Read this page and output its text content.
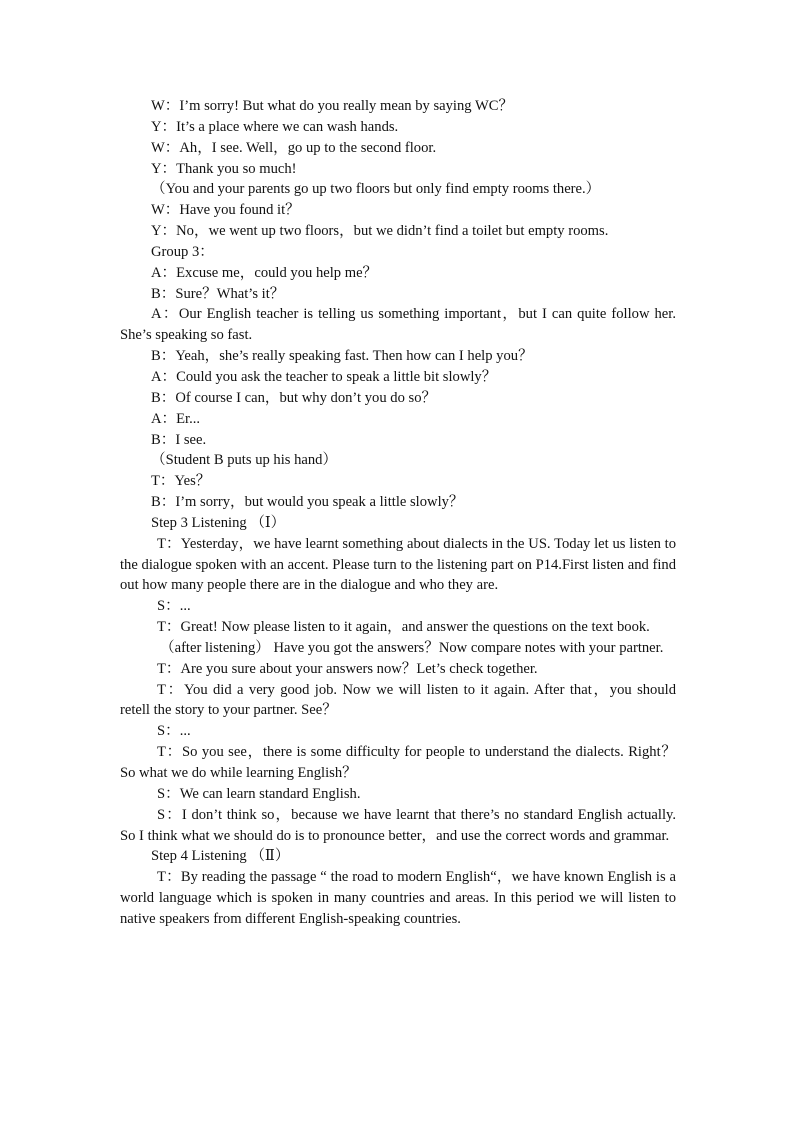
W：I’m sorry! But what do you really mean by saying WC？

Y：It’s a place where we can wash hands.

W：Ah，I see. Well，go up to the second floor.

Y：Thank you so much!

（You and your parents go up two floors but only find empty rooms there.）

W：Have you found it？

Y：No，we went up two floors，but we didn’t find a toilet but empty rooms.

Group 3：

A：Excuse me，could you help me？

B：Sure？What’s it？

A：Our English teacher is telling us something important，but I can quite follow her. She’s speaking so fast.

B：Yeah，she’s really speaking fast. Then how can I help you？

A：Could you ask the teacher to speak a little bit slowly？

B：Of course I can，but why don’t you do so？

A：Er...

B：I see.

（Student B puts up his hand）

T：Yes？

B：I’m sorry，but would you speak a little slowly？

Step 3 Listening （Ⅰ）

T：Yesterday，we have learnt something about dialects in the US. Today let us listen to the dialogue spoken with an accent. Please turn to the listening part on P14.First listen and find out how many people there are in the dialogue and who they are.

S：...

T：Great! Now please listen to it again，and answer the questions on the text book.

（after listening） Have you got the answers？Now compare notes with your partner.

T：Are you sure about your answers now？Let’s check together.

T：You did a very good job. Now we will listen to it again. After that，you should retell the story to your partner. See？

S：...

T：So you see，there is some difficulty for people to understand the dialects. Right？So what we do while learning English？

S：We can learn standard English.

S：I don’t think so，because we have learnt that there’s no standard English actually. So I think what we should do is to pronounce better，and use the correct words and grammar.

Step 4 Listening （Ⅱ）

T：By reading the passage “ the road to modern English“，we have known English is a world language which is spoken in many countries and areas. In this period we will listen to native speakers from different English-speaking countries.
